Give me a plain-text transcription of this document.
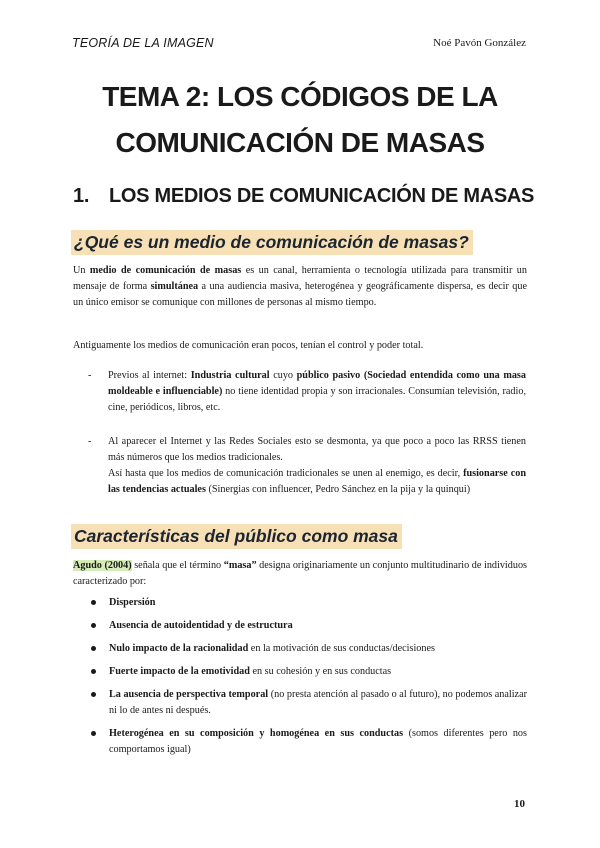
TEORÍA DE LA IMAGEN	Noé Pavón González
TEMA 2: LOS CÓDIGOS DE LA
COMUNICACIÓN DE MASAS
1. LOS MEDIOS DE COMUNICACIÓN DE MASAS
¿Qué es un medio de comunicación de masas?
Un medio de comunicación de masas es un canal, herramienta o tecnología utilizada para transmitir un mensaje de forma simultánea a una audiencia masiva, heterogénea y geográficamente dispersa, es decir que un único emisor se comunique con millones de personas al mismo tiempo.
Antiguamente los medios de comunicación eran pocos, tenían el control y poder total.
- Previos al internet: Industria cultural cuyo público pasivo (Sociedad entendida como una masa moldeable e influenciable) no tiene identidad propia y son irracionales. Consumían televisión, radio, cine, periódicos, libros, etc.
- Al aparecer el Internet y las Redes Sociales esto se desmonta, ya que poco a poco las RRSS tienen más números que los medios tradicionales.
Así hasta que los medios de comunicación tradicionales se unen al enemigo, es decir, fusionarse con las tendencias actuales (Sinergias con influencer, Pedro Sánchez en la pija y la quinqui)
Características del público como masa
Agudo (2004) señala que el término “masa” designa originariamente un conjunto multitudinario de individuos caracterizado por:
Dispersión
Ausencia de autoidentidad y de estructura
Nulo impacto de la racionalidad en la motivación de sus conductas/decisiones
Fuerte impacto de la emotividad en su cohesión y en sus conductas
La ausencia de perspectiva temporal (no presta atención al pasado o al futuro), no podemos analizar ni lo de antes ni después.
Heterogénea en su composición y homogénea en sus conductas (somos diferentes pero nos comportamos igual)
10
